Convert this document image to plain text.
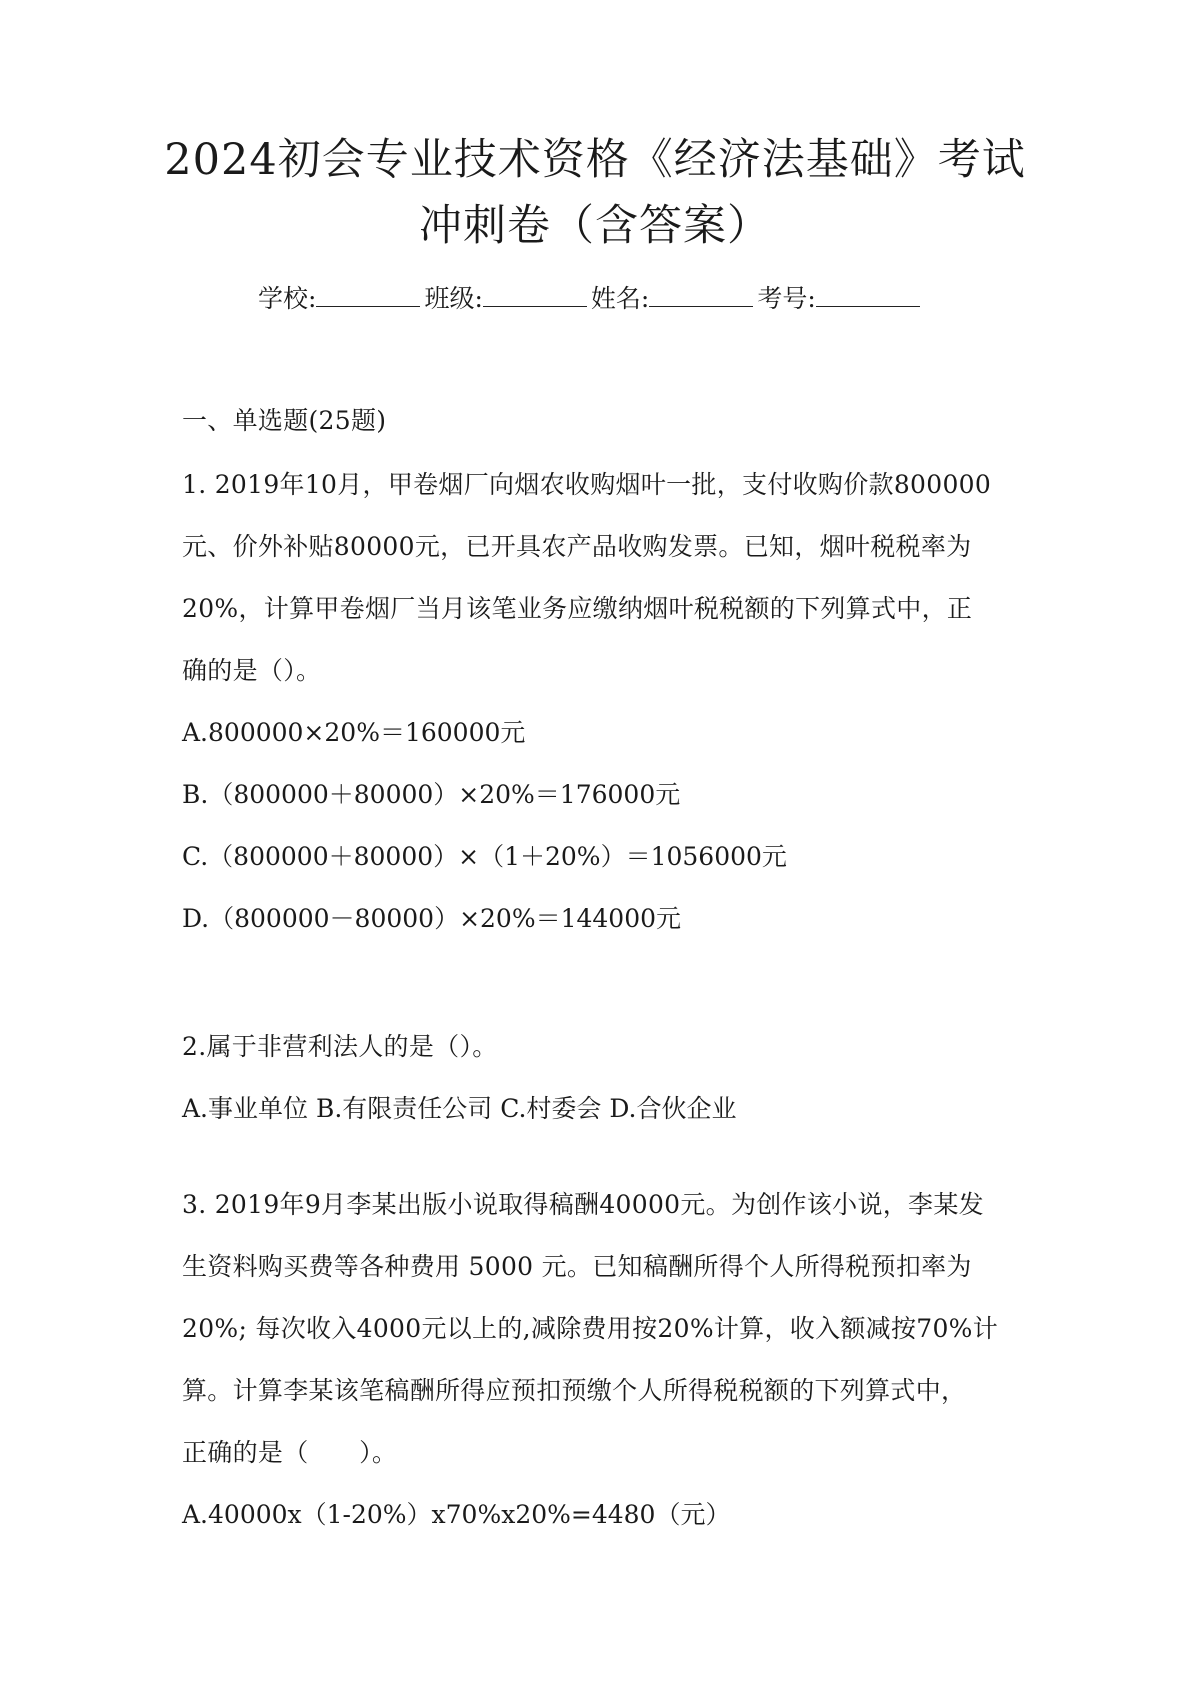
2024初会专业技术资格《经济法基础》考试
冲刺卷（含答案）
学校:	班级:	姓名:	考号:
一、单选题(25题)
1. 2019年10月，甲卷烟厂向烟农收购烟叶一批，支付收购价款800000
元、价外补贴80000元，已开具农产品收购发票。已知，烟叶税税率为
20%，计算甲卷烟厂当月该笔业务应缴纳烟叶税税额的下列算式中，正
确的是（）。
A.800000×20%＝160000元
B.（800000＋80000）×20%＝176000元
C.（800000＋80000）×（1＋20%）＝1056000元
D.（800000－80000）×20%＝144000元
2.属于非营利法人的是（）。
A.事业单位 B.有限责任公司 C.村委会 D.合伙企业
3. 2019年9月李某出版小说取得稿酬40000元。为创作该小说，李某发
生资料购买费等各种费用 5000 元。已知稿酬所得个人所得税预扣率为
20%; 每次收入4000元以上的,减除费用按20%计算，收入额减按70%计
算。计算李某该笔稿酬所得应预扣预缴个人所得税税额的下列算式中，
正确的是（　　）。
A.40000x（1-20%）x70%x20%=4480（元）
